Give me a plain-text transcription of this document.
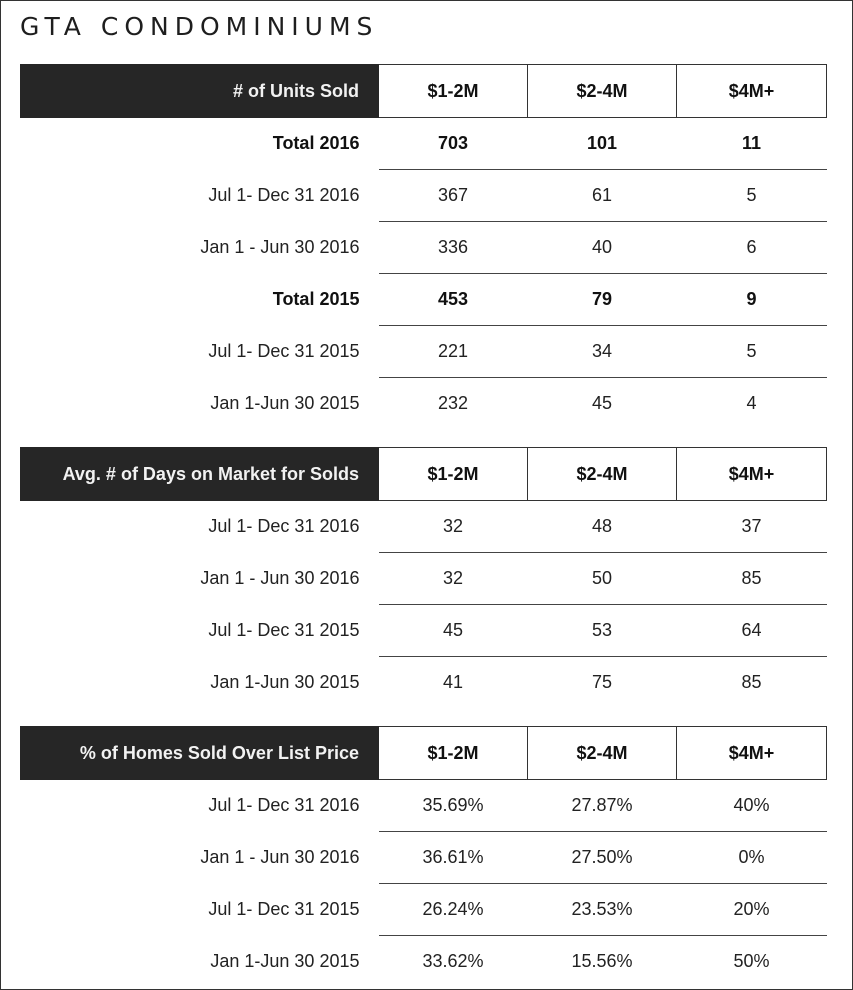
GTA CONDOMINIUMS
# of Units Sold	$1-2M	$2-4M	$4M+
Total 2016	703	101	11
Jul 1- Dec 31 2016	367	61	5
Jan 1 - Jun 30 2016	336	40	6
Total 2015	453	79	9
Jul 1- Dec 31 2015	221	34	5
Jan 1-Jun 30 2015	232	45	4
Avg. # of Days on Market for Solds	$1-2M	$2-4M	$4M+
Jul 1- Dec 31 2016	32	48	37
Jan 1 - Jun 30 2016	32	50	85
Jul 1- Dec 31 2015	45	53	64
Jan 1-Jun 30 2015	41	75	85
% of Homes Sold Over List Price	$1-2M	$2-4M	$4M+
Jul 1- Dec 31 2016	35.69%	27.87%	40%
Jan 1 - Jun 30 2016	36.61%	27.50%	0%
Jul 1- Dec 31 2015	26.24%	23.53%	20%
Jan 1-Jun 30 2015	33.62%	15.56%	50%
